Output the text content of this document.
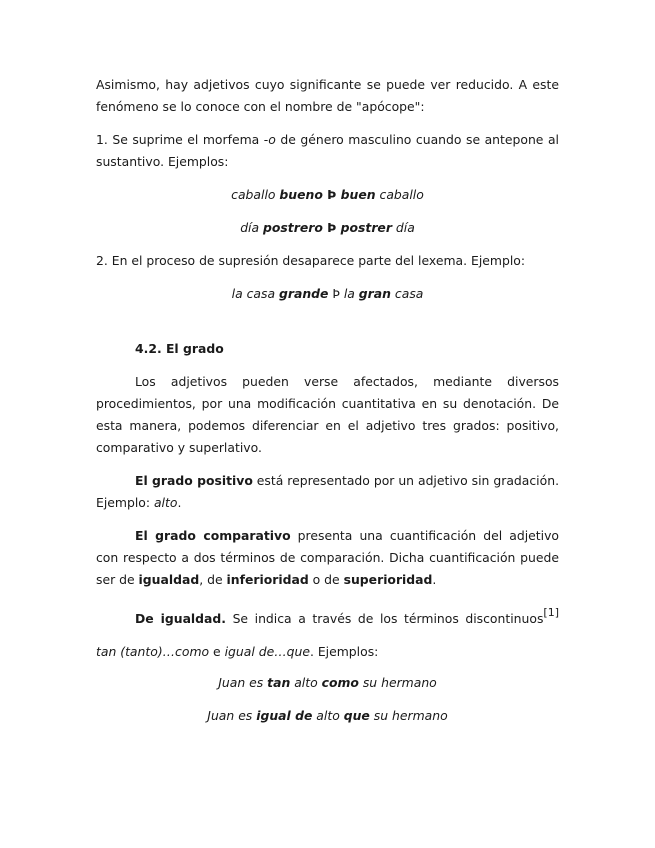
Asimismo, hay adjetivos cuyo significante se puede ver reducido. A este fenómeno se lo conoce con el nombre de "apócope":

1. Se suprime el morfema -o de género masculino cuando se antepone al sustantivo. Ejemplos:

caballo bueno Þ buen caballo

día postrero Þ postrer día

2. En el proceso de supresión desaparece parte del lexema. Ejemplo:

la casa grande Þ la gran casa

4.2. El grado

Los adjetivos pueden verse afectados, mediante diversos procedimientos, por una modificación cuantitativa en su denotación. De esta manera, podemos diferenciar en el adjetivo tres grados: positivo, comparativo y superlativo.

El grado positivo está representado por un adjetivo sin gradación. Ejemplo: alto.

El grado comparativo presenta una cuantificación del adjetivo con respecto a dos términos de comparación. Dicha cuantificación puede ser de igualdad, de inferioridad o de superioridad.

De igualdad. Se indica a través de los términos discontinuos[1] tan (tanto)…como e igual de…que. Ejemplos:

Juan es tan alto como su hermano

Juan es igual de alto que su hermano
